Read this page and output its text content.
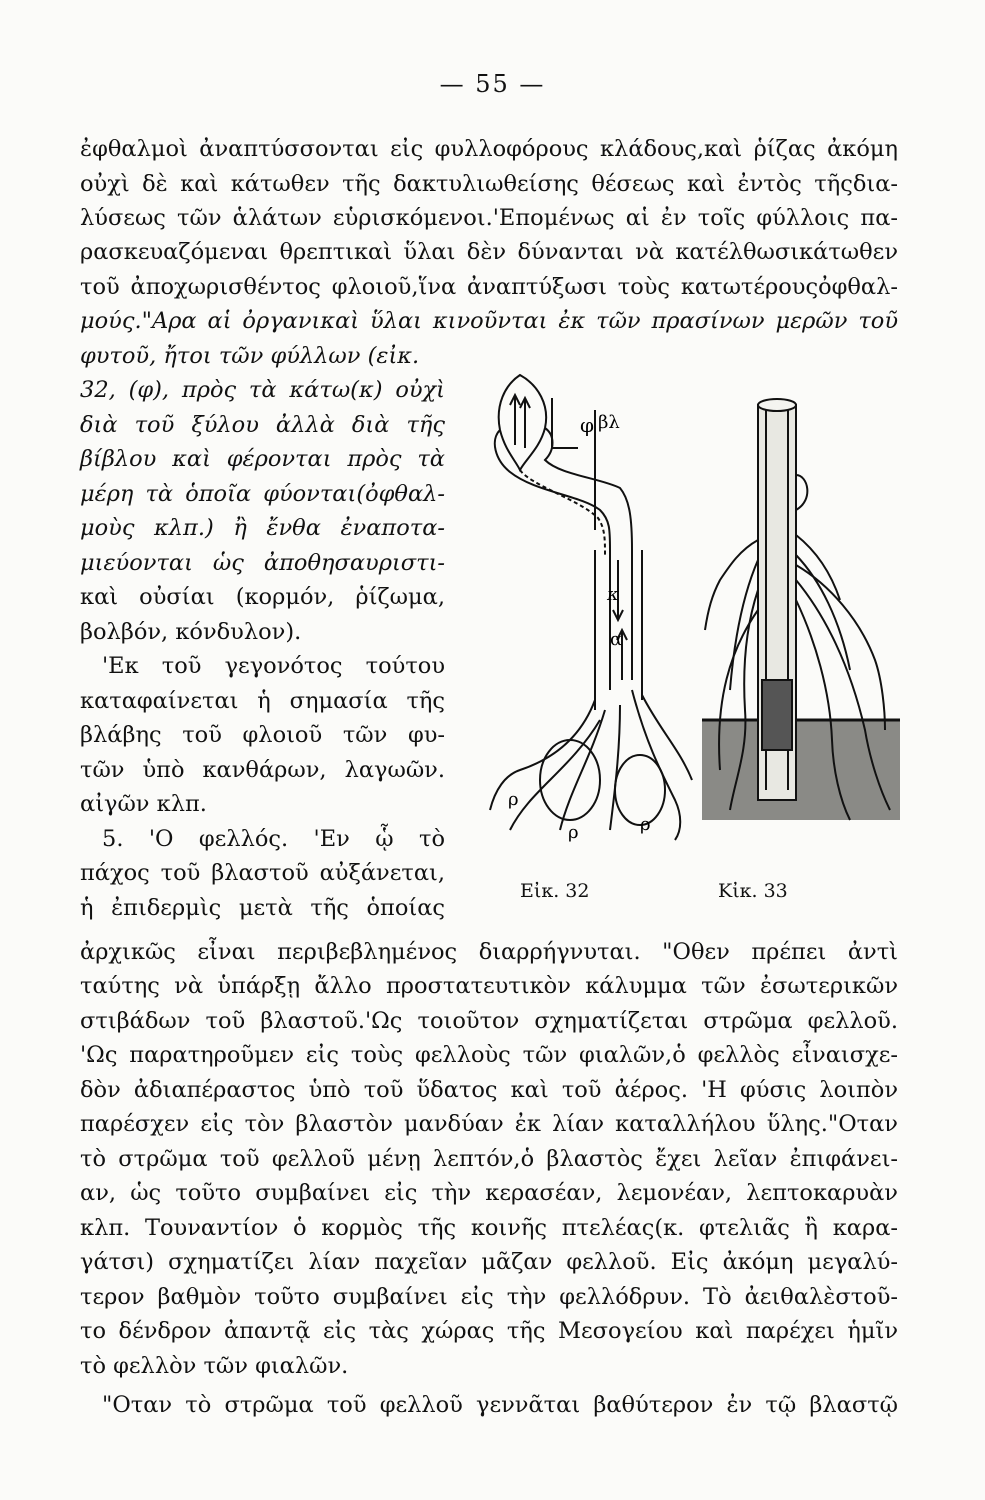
— 55 —
ἐφθαλμοὶ ἀναπτύσσονται εἰς φυλλοφόρους κλάδους,καὶ ῥίζας ἀκόμη
οὐχὶ δὲ καὶ κάτωθεν τῆς δακτυλιωθείσης θέσεως καὶ ἐντὸς τῆςδια-
λύσεως τῶν ἁλάτων εὑρισκόμενοι.'Επομένως αἱ ἐν τοῖς φύλλοις πα-
ρασκευαζόμεναι θρεπτικαὶ ὕλαι δὲν δύνανται νὰ κατέλθωσικάτωθεν
τοῦ ἀποχωρισθέντος φλοιοῦ,ἵνα ἀναπτύξωσι τοὺς κατωτέρουςὀφθαλ-
μούς."Αρα αἱ ὀργανικαὶ ὕλαι κινοῦνται ἐκ τῶν πρασίνων μερῶν τοῦ
φυτοῦ, ἤτοι τῶν φύλλων (εἰκ.
32, (φ), πρὸς τὰ κάτω(κ) οὐχὶ
διὰ τοῦ ξύλου ἀλλὰ διὰ τῆς
βίβλου καὶ φέρονται πρὸς τὰ
μέρη τὰ ὁποῖα φύονται(ὀφθαλ-
μοὺς κλπ.) ἢ ἔνθα ἐναποτα-
μιεύονται ὡς ἀποθησαυριστι-
καὶ οὐσίαι (κορμόν, ῥίζωμα,
βολβόν, κόνδυλον).
'Εκ τοῦ γεγονότος τούτου
καταφαίνεται ἡ σημασία τῆς
βλάβης τοῦ φλοιοῦ τῶν φυ-
τῶν ὑπὸ κανθάρων, λαγωῶν.
αἰγῶν κλπ.
5. 'Ο φελλός. 'Εν ᾧ τὸ
πάχος τοῦ βλαστοῦ αὐξάνεται,
ἡ ἐπιδερμὶς μετὰ τῆς ὁποίας
ἀρχικῶς εἶναι περιβεβλημένος διαρρήγνυται. "Οθεν πρέπει ἀντὶ
ταύτης νὰ ὑπάρξῃ ἄλλο προστατευτικὸν κάλυμμα τῶν ἐσωτερικῶν
στιβάδων τοῦ βλαστοῦ.'Ως τοιοῦτον σχηματίζεται στρῶμα φελλοῦ.
'Ως παρατηροῦμεν εἰς τοὺς φελλοὺς τῶν φιαλῶν,ὁ φελλὸς εἶναισχε-
δὸν ἀδιαπέραστος ὑπὸ τοῦ ὕδατος καὶ τοῦ ἀέρος. 'Η φύσις λοιπὸν
παρέσχεν εἰς τὸν βλαστὸν μανδύαν ἐκ λίαν καταλλήλου ὕλης."Οταν
τὸ στρῶμα τοῦ φελλοῦ μένῃ λεπτόν,ὁ βλαστὸς ἔχει λεῖαν ἐπιφάνει-
αν, ὡς τοῦτο συμβαίνει εἰς τὴν κερασέαν, λεμονέαν, λεπτοκαρυὰν
κλπ. Τουναντίον ὁ κορμὸς τῆς κοινῆς πτελέας(κ. φτελιᾶς ἢ καρα-
γάτσι) σχηματίζει λίαν παχεῖαν μᾶζαν φελλοῦ. Εἰς ἀκόμη μεγαλύ-
τερον βαθμὸν τοῦτο συμβαίνει εἰς τὴν φελλόδρυν. Τὸ ἀειθαλὲστοῦ-
το δένδρον ἀπαντᾷ εἰς τὰς χώρας τῆς Μεσογείου καὶ παρέχει ἡμῖν
τὸ φελλὸν τῶν φιαλῶν.
"Οταν τὸ στρῶμα τοῦ φελλοῦ γεννᾶται βαθύτερον ἐν τῷ βλαστῷ
φ βλ
κ
α
ρ
ρ	ρ
Εἰκ. 32	Κἰκ. 33
